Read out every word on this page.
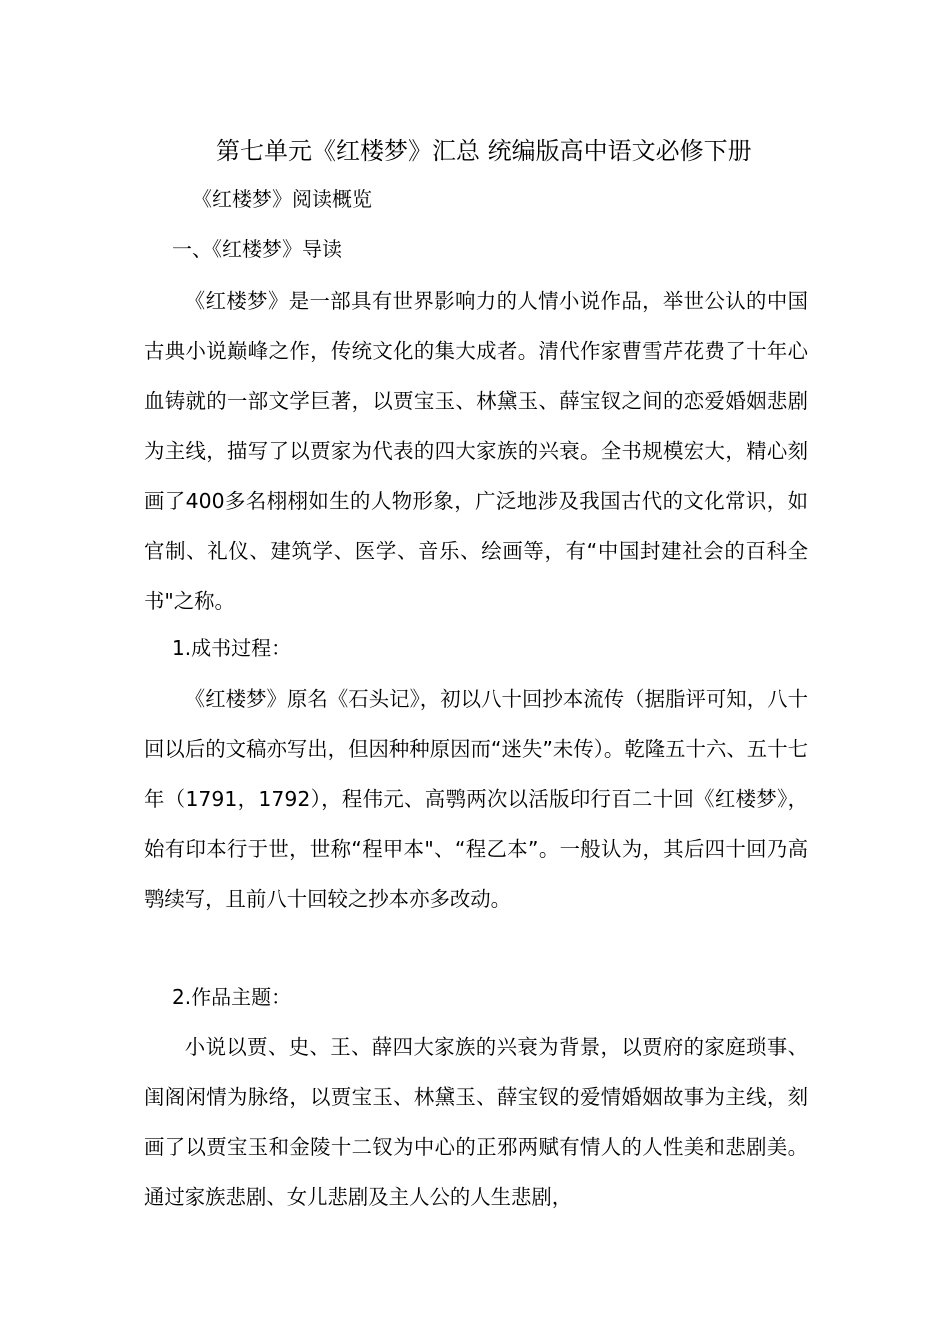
第七单元《红楼梦》汇总 统编版高中语文必修下册
《红楼梦》阅读概览
一、《红楼梦》导读
《红楼梦》是一部具有世界影响力的人情小说作品，举世公认的中国古典小说巅峰之作，传统文化的集大成者。清代作家曹雪芹花费了十年心血铸就的一部文学巨著，以贾宝玉、林黛玉、薛宝钗之间的恋爱婚姻悲剧为主线，描写了以贾家为代表的四大家族的兴衰。全书规模宏大，精心刻画了400多名栩栩如生的人物形象，广泛地涉及我国古代的文化常识，如官制、礼仪、建筑学、医学、音乐、绘画等，有“中国封建社会的百科全书"之称。
1.成书过程：
《红楼梦》原名《石头记》，初以八十回抄本流传（据脂评可知，八十回以后的文稿亦写出，但因种种原因而“迷失”未传）。乾隆五十六、五十七年（1791，1792），程伟元、高鹗两次以活版印行百二十回《红楼梦》，始有印本行于世，世称“程甲本"、“程乙本”。一般认为，其后四十回乃高鹗续写，且前八十回较之抄本亦多改动。
2.作品主题：
小说以贾、史、王、薛四大家族的兴衰为背景，以贾府的家庭琐事、闺阁闲情为脉络，以贾宝玉、林黛玉、薛宝钗的爱情婚姻故事为主线，刻画了以贾宝玉和金陵十二钗为中心的正邪两赋有情人的人性美和悲剧美。通过家族悲剧、女儿悲剧及主人公的人生悲剧，
